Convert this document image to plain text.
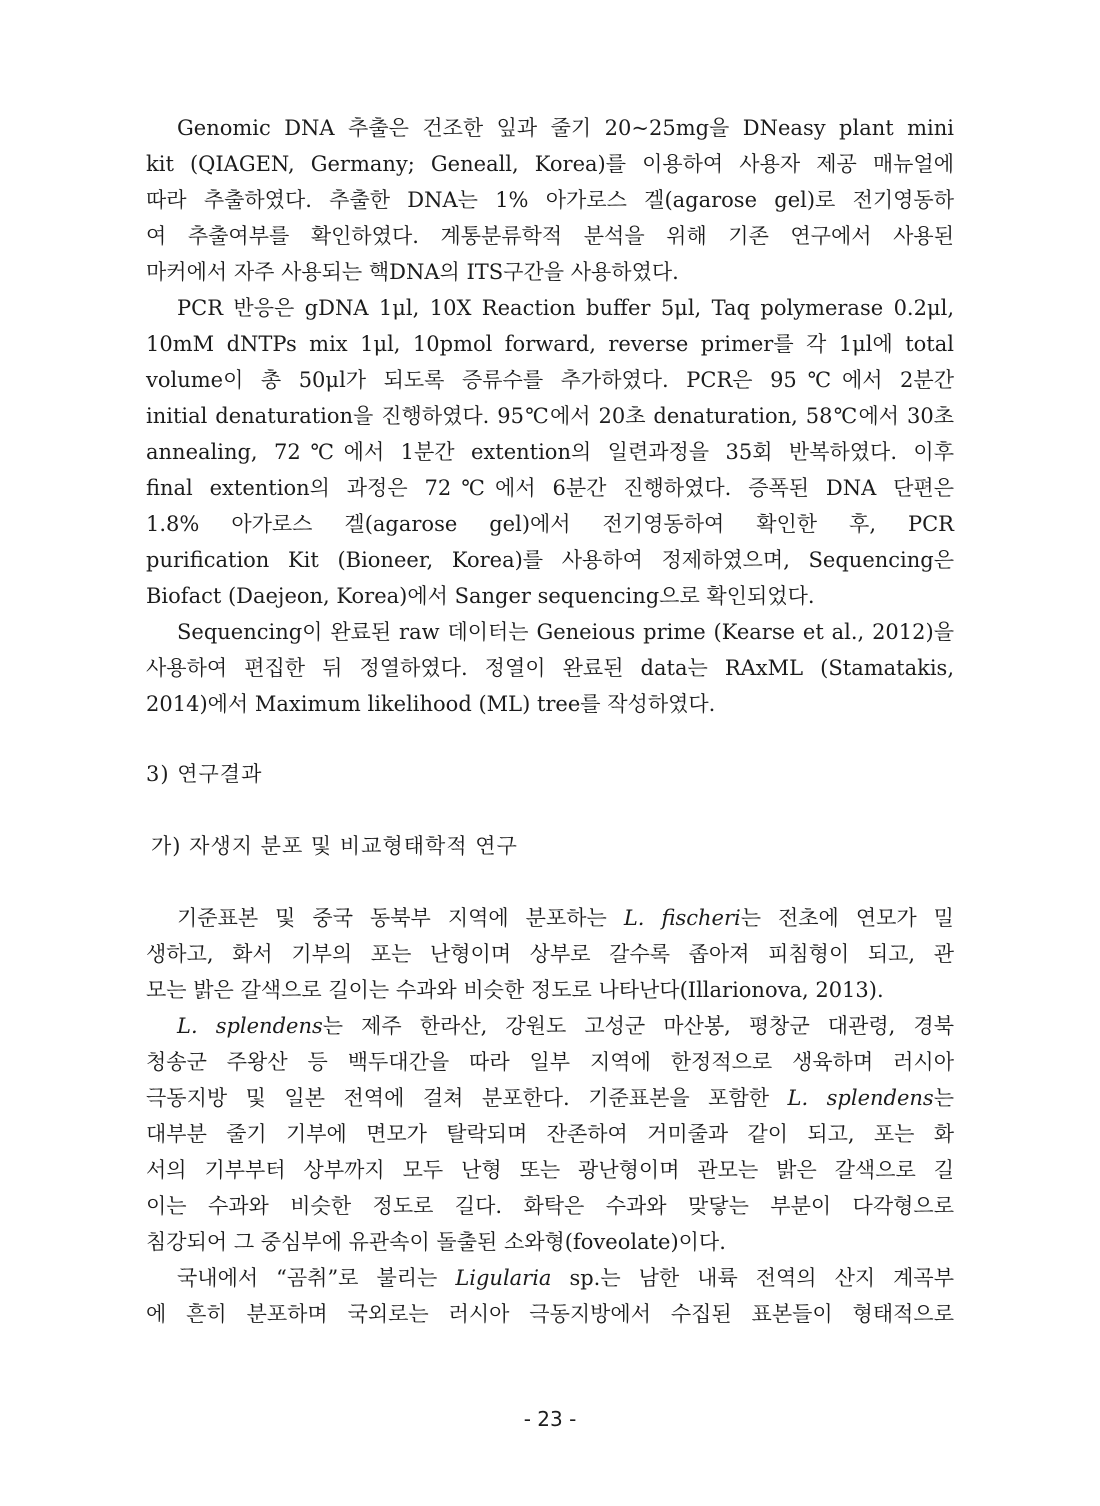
Genomic DNA 추출은 건조한 잎과 줄기 20~25mg을 DNeasy plant mini
kit (QIAGEN, Germany; Geneall, Korea)를 이용하여 사용자 제공 매뉴얼에
따라 추출하였다. 추출한 DNA는 1% 아가로스 겔(agarose gel)로 전기영동하
여 추출여부를 확인하였다. 계통분류학적 분석을 위해 기존 연구에서 사용된
마커에서 자주 사용되는 핵DNA의 ITS구간을 사용하였다.
PCR 반응은 gDNA 1μl, 10X Reaction buffer 5μl, Taq polymerase 0.2μl,
10mM dNTPs mix 1μl, 10pmol forward, reverse primer를 각 1μl에 total
volume이 총 50μl가 되도록 증류수를 추가하였다. PCR은 95℃에서 2분간
initial denaturation을 진행하였다. 95℃에서 20초 denaturation, 58℃에서 30초
annealing, 72℃에서 1분간 extention의 일련과정을 35회 반복하였다. 이후
final extention의 과정은 72℃에서 6분간 진행하였다. 증폭된 DNA 단편은
1.8% 아가로스 겔(agarose gel)에서 전기영동하여 확인한 후, PCR
purification Kit (Bioneer, Korea)를 사용하여 정제하였으며, Sequencing은
Biofact (Daejeon, Korea)에서 Sanger sequencing으로 확인되었다.
Sequencing이 완료된 raw 데이터는 Geneious prime (Kearse et al., 2012)을
사용하여 편집한 뒤 정열하였다. 정열이 완료된 data는 RAxML (Stamatakis,
2014)에서 Maximum likelihood (ML) tree를 작성하였다.
3) 연구결과
가) 자생지 분포 및 비교형태학적 연구
기준표본 및 중국 동북부 지역에 분포하는 L. fischeri는 전초에 연모가 밀
생하고, 화서 기부의 포는 난형이며 상부로 갈수록 좁아져 피침형이 되고, 관
모는 밝은 갈색으로 길이는 수과와 비슷한 정도로 나타난다(Illarionova, 2013).
L. splendens는 제주 한라산, 강원도 고성군 마산봉, 평창군 대관령, 경북
청송군 주왕산 등 백두대간을 따라 일부 지역에 한정적으로 생육하며 러시아
극동지방 및 일본 전역에 걸쳐 분포한다. 기준표본을 포함한 L. splendens는
대부분 줄기 기부에 면모가 탈락되며 잔존하여 거미줄과 같이 되고, 포는 화
서의 기부부터 상부까지 모두 난형 또는 광난형이며 관모는 밝은 갈색으로 길
이는 수과와 비슷한 정도로 길다. 화탁은 수과와 맞닿는 부분이 다각형으로
침강되어 그 중심부에 유관속이 돌출된 소와형(foveolate)이다.
국내에서 “곰취”로 불리는 Ligularia sp.는 남한 내륙 전역의 산지 계곡부
에 흔히 분포하며 국외로는 러시아 극동지방에서 수집된 표본들이 형태적으로
- 23 -
